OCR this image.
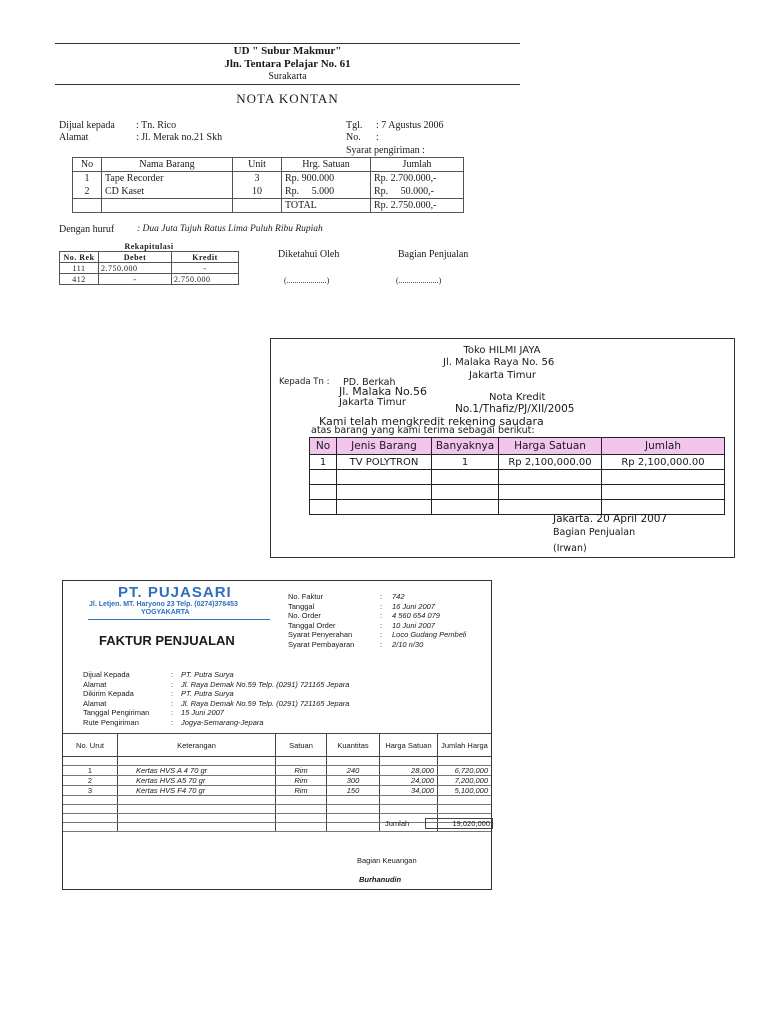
UD " Subur Makmur"
Jln. Tentara Pelajar No. 61
Surakarta
NOTA KONTAN
Dijual kepada : Tn. Rico
Alamat	: Jl. Merak no.21 Skh
Tgl. : 7 Agustus 2006
No. :
Syarat pengiriman :
No	Nama Barang	Unit	Hrg. Satuan	Jumlah
1	Tape Recorder	3	Rp. 900.000	Rp. 2.700.000,-
2	CD Kaset	10	Rp.     5.000	Rp.     50.000,-
			TOTAL	Rp. 2.750.000,-
Dengan huruf : Dua Juta Tujuh Ratus Lima Puluh Ribu Rupiah
Rekapitulasi		
No. Rek	Debet	Kredit
111	2.750.000	-
412	-	2.750.000
Diketahui Oleh	Bagian Penjualan
(....................)	(....................)
Toko HILMI JAYA
Jl. Malaka Raya No. 56
Jakarta Timur
Kepada Tn : PD. Berkah
Jl. Malaka No.56
Jakarta Timur	Nota Kredit
No.1/Thafiz/PJ/XII/2005
Kami telah mengkredit rekening saudara
atas barang yang kami terima sebagai berikut:
No	Jenis Barang	Banyaknya	Harga Satuan	Jumlah
1	TV POLYTRON	1	Rp 2,100,000.00	Rp 2,100,000.00

Jakarta. 20 April 2007
Bagian Penjualan
(Irwan)
PT. PUJASARI
Jl. Letjen. MT. Haryono 23 Telp. (0274)378453
YOGYAKARTA
FAKTUR PENJUALAN
No. Faktur	:	742
Tanggal	:	16 Juni 2007
No. Order	:	4 560 654 079
Tanggal Order	:	10 Juni 2007
Syarat Penyerahan	:	Loco Gudang Pembeli
Syarat Pembayaran	:	2/10 n/30
Dijual Kepada	:	PT. Putra Surya
Alamat	:	Jl. Raya Demak No.59 Telp. (0291) 721165 Jepara
Dikirim Kepada	:	PT. Putra Surya
Alamat	:	Jl. Raya Demak No.59 Telp. (0291) 721165 Jepara
Tanggal Pengiriman	:	15 Juni 2007
Rute Pengiriman	:	Jogya-Semarang-Jepara
No. Urut	Keterangan	Satuan	Kuantitas	Harga Satuan	Jumlah Harga

1	Kertas HVS A 4 70 gr	Rim	240	28,000	6,720,000
2	Kertas HVS A5 70 gr	Rim	300	24,000	7,200,000
3	Kertas HVS F4 70 gr	Rim	150	34,000	5,100,000

Jumlah	19,020,000
Bagian Keuangan
Burhanudin
